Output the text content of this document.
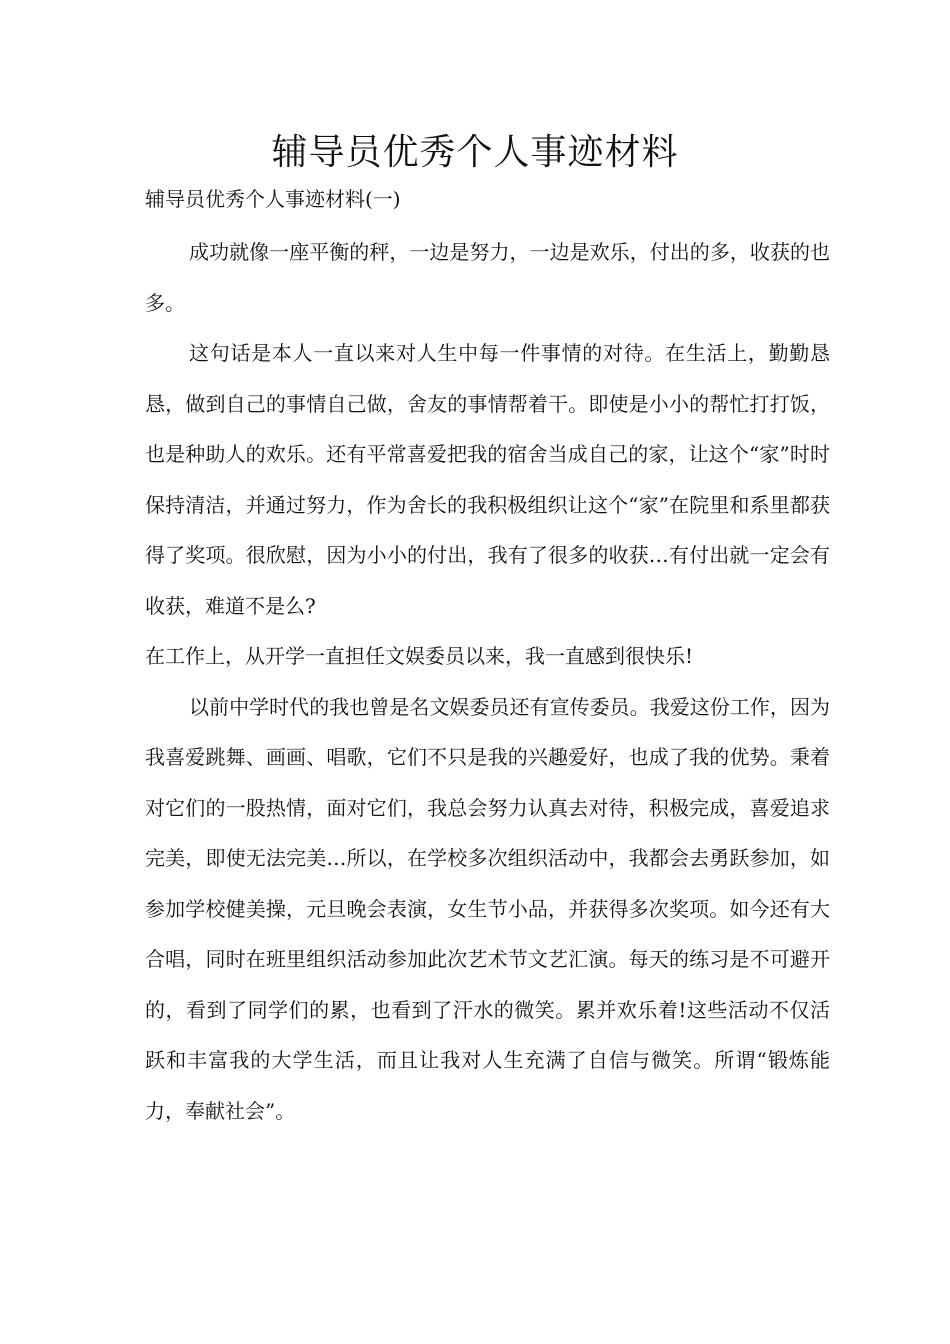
辅导员优秀个人事迹材料

辅导员优秀个人事迹材料(一)

成功就像一座平衡的秤，一边是努力，一边是欢乐，付出的多，收获的也多。

这句话是本人一直以来对人生中每一件事情的对待。在生活上，勤勤恳恳，做到自己的事情自己做，舍友的事情帮着干。即使是小小的帮忙打打饭，也是种助人的欢乐。还有平常喜爱把我的宿舍当成自己的家，让这个“家”时时保持清洁，并通过努力，作为舍长的我积极组织让这个“家”在院里和系里都获得了奖项。很欣慰，因为小小的付出，我有了很多的收获…有付出就一定会有收获，难道不是么?

在工作上，从开学一直担任文娱委员以来，我一直感到很快乐!

以前中学时代的我也曾是名文娱委员还有宣传委员。我爱这份工作，因为我喜爱跳舞、画画、唱歌，它们不只是我的兴趣爱好，也成了我的优势。秉着对它们的一股热情，面对它们，我总会努力认真去对待，积极完成，喜爱追求完美，即使无法完美…所以，在学校多次组织活动中，我都会去勇跃参加，如参加学校健美操，元旦晚会表演，女生节小品，并获得多次奖项。如今还有大合唱，同时在班里组织活动参加此次艺术节文艺汇演。每天的练习是不可避开的，看到了同学们的累，也看到了汗水的微笑。累并欢乐着!这些活动不仅活跃和丰富我的大学生活，而且让我对人生充满了自信与微笑。所谓“锻炼能力，奉献社会”。
